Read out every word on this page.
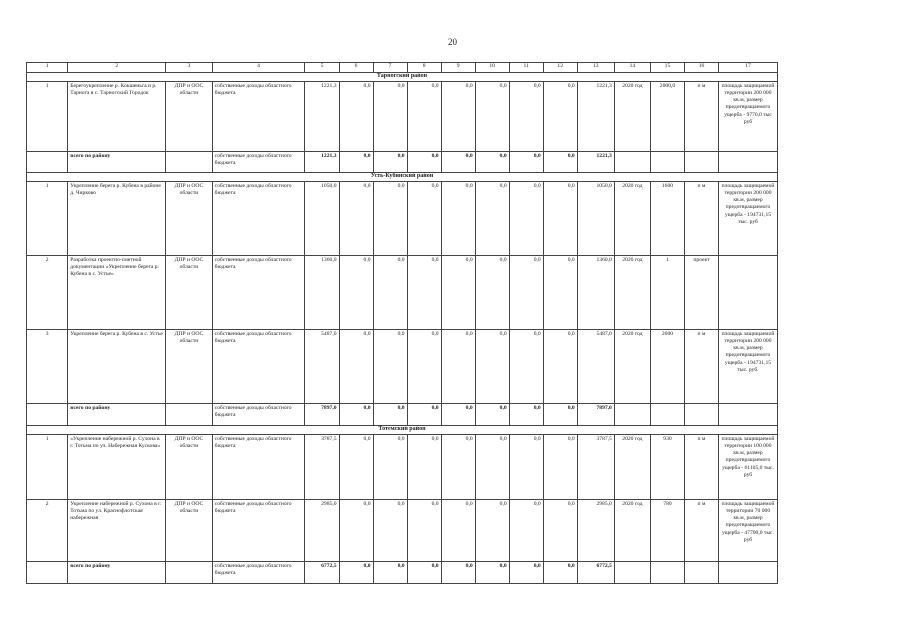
20
1	2	3	4	5	6	7	8	9	10	11	12	13	14	15	16	17
Тарногский район																
1	Берегоукрепление р. Кокшеньга и р. Тарнога в с. Тарногский Городок	ДПР и ООС области	собственные доходы областного бюджета	1221,3	0,0	0,0	0,0	0,0	0,0	0,0	0,0	1221,3	2020 год	2000,0	п м	площадь защищаемой территории 200 000 кв.м, размер предотвращаемого ущерба - 9770,0 тыс руб
	всего по району		собственные доходы областного бюджета	1221,3	0,0	0,0	0,0	0,0	0,0	0,0	0,0	1221,3				
Усть-Кубинский район																
1	Укрепление берега р. Кубена в районе д. Чирково	ДПР и ООС области	собственные доходы областного бюджета	1050,0	0,0	0,0	0,0	0,0	0,0	0,0	0,0	1050,0	2020 год	1600	п м	площадь защищаемой территории 200 000 кв.м, размер предотвращаемого ущерба - 194731,15 тыс. руб
2	Разработка проектно-сметной документации «Укрепление берега р. Кубена в с. Устье»	ДПР и ООС области	собственные доходы областного бюджета	1360,0	0,0	0,0	0,0	0,0	0,0	0,0	0,0	1360,0	2020 год	1	проект	
3	Укрепление берега р. Кубена в с. Устье	ДПР и ООС области	собственные доходы областного бюджета	5487,0	0,0	0,0	0,0	0,0	0,0	0,0	0,0	5487,0	2020 год	2600	п м	площадь защищаемой территории 200 000 кв.м, размер предотвращаемого ущерба - 194731,15 тыс. руб.
	всего по району		собственные доходы областного бюджета	7897,0	0,0	0,0	0,0	0,0	0,0	0,0	0,0	7897,0				
Тотемский район																
1	«Укрепление набережной р. Сухона в г. Тотьма по ул. Набережная Кускова»	ДПР и ООС области	собственные доходы областного бюджета	3787,5	0,0	0,0	0,0	0,0	0,0	0,0	0,0	3787,5	2020 год	930	п м	площадь защищаемой территории 100 000 кв.м, размер предотвращаемого ущерба - 61105,0 тыс. руб
2	Укрепление набережной р. Сухона в г. Тотьма по ул. Краснофлотская набережная	ДПР и ООС области	собственные доходы областного бюджета	2985,0	0,0	0,0	0,0	0,0	0,0	0,0	0,0	2985,0	2020 год	780	п м	площадь защищаемой территории 70 000 кв.м, размер предотвращаемого ущерба - 47700,0 тыс. руб
	всего по району		собственные доходы областного бюджета	6772,5	0,0	0,0	0,0	0,0	0,0	0,0	0,0	6772,5				
